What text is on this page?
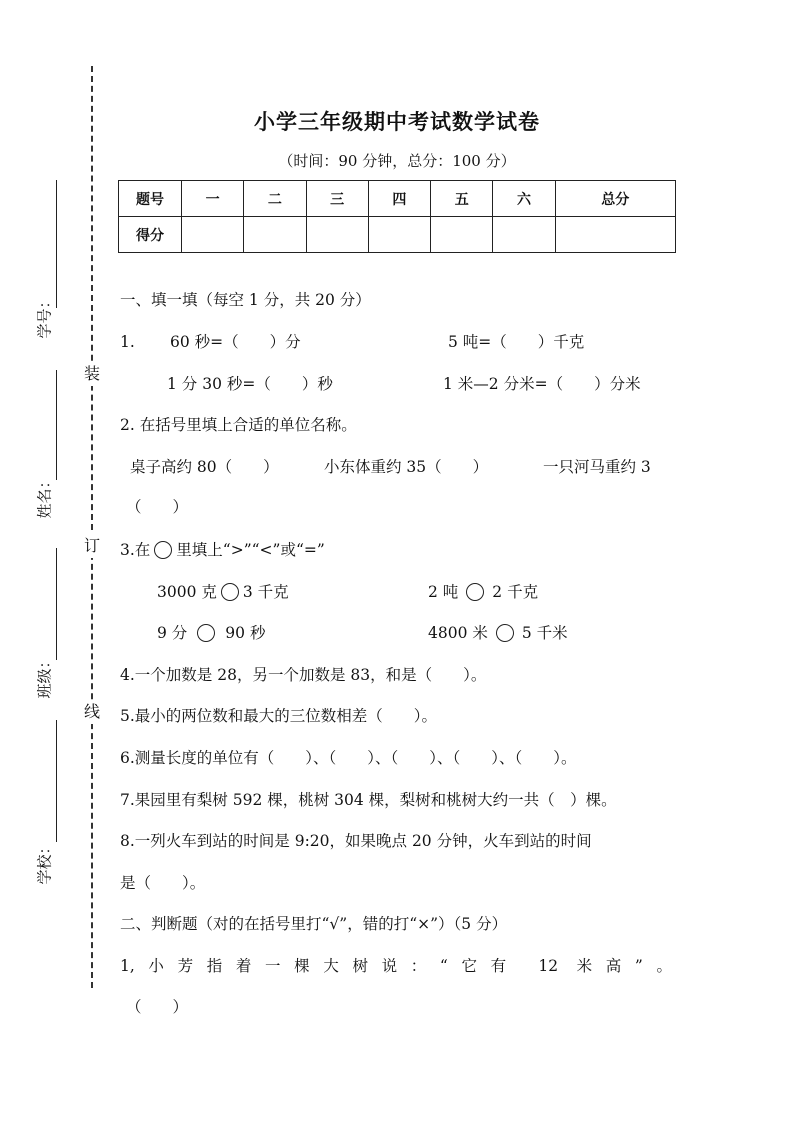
装
订
线
学号：
姓名：
班级：
学校：
小学三年级期中考试数学试卷
（时间：90 分钟，总分：100 分）
题号	一	二	三	四	五	六	总分
得分							
一、填一填（每空 1 分，共 20 分）
1. 60 秒=（　　）分	5 吨=（　　）千克
1 分 30 秒=（　　）秒	1 米—2 分米=（　　）分米
2. 在括号里填上合适的单位名称。
桌子高约 80（　　）	小东体重约 35（　　）	一只河马重约 3
（　　）
3.在 里填上“>”“<”或“=”
3000 克 3 千克	2 吨 2 千克
9 分 90 秒	4800 米 5 千米
4.一个加数是 28，另一个加数是 83，和是（　　）。
5.最小的两位数和最大的三位数相差（　　）。
6.测量长度的单位有（　　）、（　　）、（　　）、（　　）、（　　）。
7.果园里有梨树 592 棵，桃树 304 棵，梨树和桃树大约一共（　）棵。
8.一列火车到站的时间是 9:20，如果晚点 20 分钟，火车到站的时间
是（　　）。
二、判断题（对的在括号里打“√”，错的打“×”）（5 分）
1,小芳指着一棵大树说：“它有 12 米高”。
（　　）
